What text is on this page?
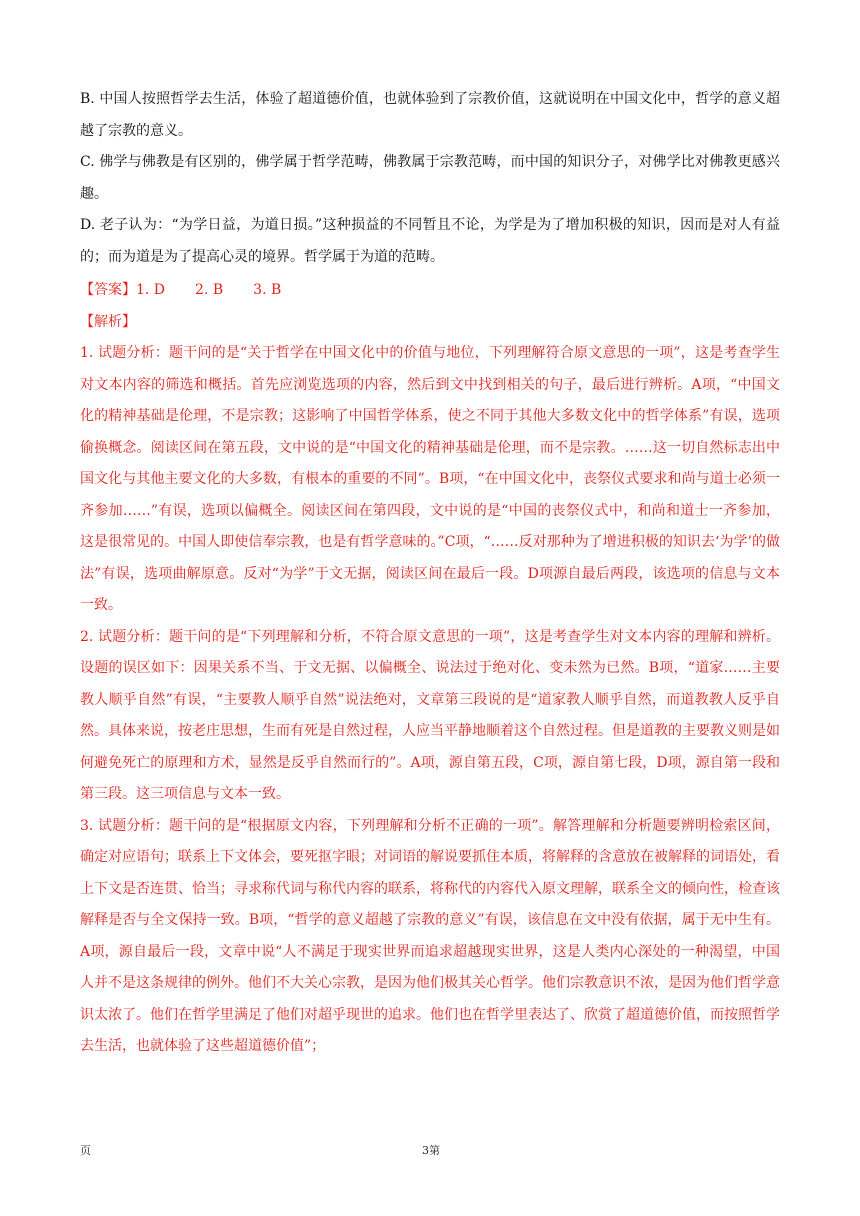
B. 中国人按照哲学去生活，体验了超道德价值，也就体验到了宗教价值，这就说明在中国文化中，哲学的意义超越了宗教的意义。

C. 佛学与佛教是有区别的，佛学属于哲学范畴，佛教属于宗教范畴，而中国的知识分子，对佛学比对佛教更感兴趣。

D. 老子认为：“为学日益，为道日损。”这种损益的不同暂且不论，为学是为了增加积极的知识，因而是对人有益的；而为道是为了提高心灵的境界。哲学属于为道的范畴。

【答案】1. D 2. B 3. B

【解析】

1. 试题分析：题干问的是“关于哲学在中国文化中的价值与地位，下列理解符合原文意思的一项”，这是考查学生对文本内容的筛选和概括。首先应浏览选项的内容，然后到文中找到相关的句子，最后进行辨析。A项，“中国文化的精神基础是伦理，不是宗教；这影响了中国哲学体系，使之不同于其他大多数文化中的哲学体系”有误，选项偷换概念。阅读区间在第五段，文中说的是“中国文化的精神基础是伦理，而不是宗教。……这一切自然标志出中国文化与其他主要文化的大多数，有根本的重要的不同”。B项，“在中国文化中，丧祭仪式要求和尚与道士必须一齐参加……”有误，选项以偏概全。阅读区间在第四段，文中说的是“中国的丧祭仪式中，和尚和道士一齐参加，这是很常见的。中国人即使信奉宗教，也是有哲学意味的。”C项，“……反对那种为了增进积极的知识去‘为学’的做法”有误，选项曲解原意。反对“为学”于文无据，阅读区间在最后一段。D项源自最后两段，该选项的信息与文本一致。

2. 试题分析：题干问的是“下列理解和分析，不符合原文意思的一项”，这是考查学生对文本内容的理解和辨析。设题的误区如下：因果关系不当、于文无据、以偏概全、说法过于绝对化、变未然为已然。B项，“道家……主要教人顺乎自然”有误，“主要教人顺乎自然”说法绝对，文章第三段说的是“道家教人顺乎自然，而道教教人反乎自然。具体来说，按老庄思想，生而有死是自然过程，人应当平静地顺着这个自然过程。但是道教的主要教义则是如何避免死亡的原理和方术，显然是反乎自然而行的”。A项，源自第五段，C项，源自第七段，D项，源自第一段和第三段。这三项信息与文本一致。

3. 试题分析：题干问的是“根据原文内容，下列理解和分析不正确的一项”。解答理解和分析题要辨明检索区间，确定对应语句；联系上下文体会，要死抠字眼；对词语的解说要抓住本质，将解释的含意放在被解释的词语处，看上下文是否连贯、恰当；寻求称代词与称代内容的联系，将称代的内容代入原文理解，联系全文的倾向性，检查该解释是否与全文保持一致。B项，“哲学的意义超越了宗教的意义”有误，该信息在文中没有依据，属于无中生有。A项，源自最后一段，文章中说“人不满足于现实世界而追求超越现实世界，这是人类内心深处的一种渴望，中国人并不是这条规律的例外。他们不大关心宗教，是因为他们极其关心哲学。他们宗教意识不浓，是因为他们哲学意识太浓了。他们在哲学里满足了他们对超乎现世的追求。他们也在哲学里表达了、欣赏了超道德价值，而按照哲学去生活，也就体验了这些超道德价值”；

页	3第
